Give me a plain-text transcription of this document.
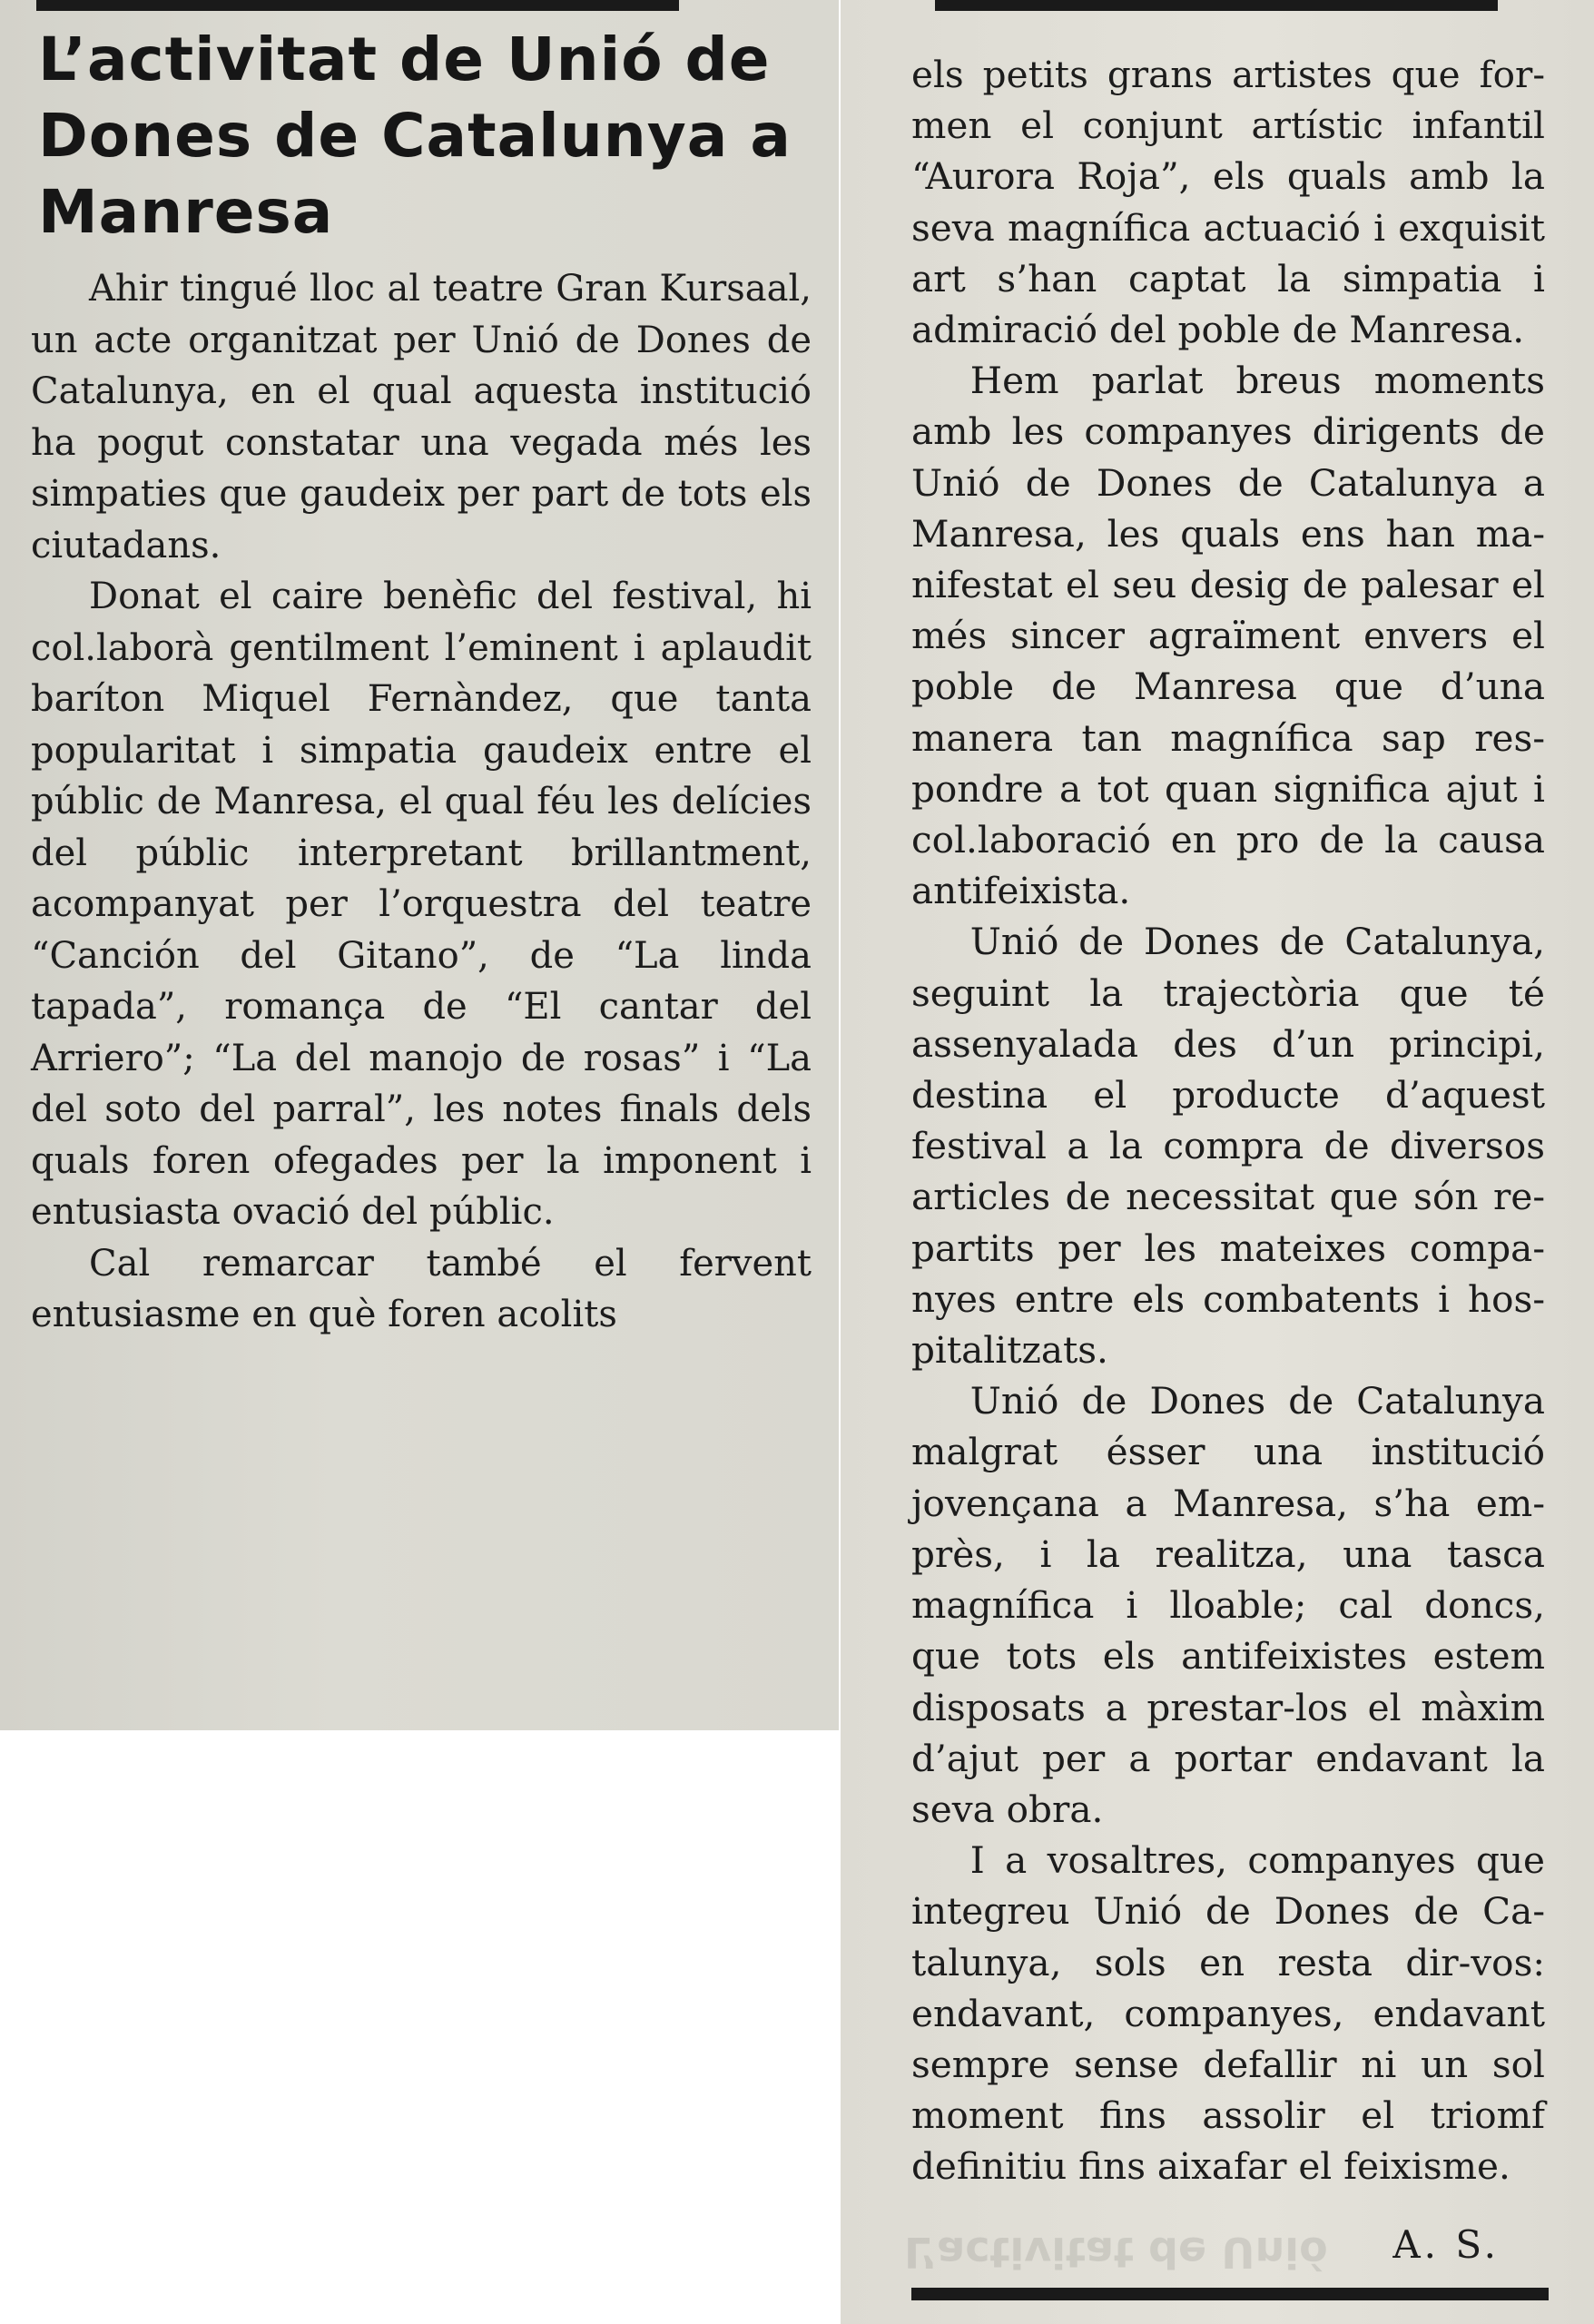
L’activitat de Unió de Dones de Catalunya a Manresa

Ahir tingué lloc al teatre Gran Kursaal, un acte organitzat per Unió de Dones de Catalunya, en el qual aquesta institució ha pogut constatar una vegada més les simpaties que gaudeix per part de tots els ciutadans.

Donat el caire benèfic del festival, hi col.laborà gentilment l’eminent i aplaudit baríton Miquel Fernàndez, que tanta popularitat i simpatia gaudeix entre el públic de Manresa, el qual féu les delícies del públic interpretant brillantment, acompanyat per l’orquestra del teatre “Canción del Gitano”, de “La linda tapada”, romança de “El cantar del Arriero”; “La del manojo de rosas” i “La del soto del parral”, les notes finals dels quals foren ofegades per la imponent i entusiasta ovació del públic.

Cal remarcar també el fervent entusiasme en què foren acolits

els petits grans artistes que formen el conjunt artístic infantil “Aurora Roja”, els quals amb la seva magnífica actuació i exquisit art s’han captat la simpatia i admiració del poble de Manresa.

Hem parlat breus moments amb les companyes dirigents de Unió de Dones de Catalunya a Manresa, les quals ens han manifestat el seu desig de palesar el més sincer agraïment envers el poble de Manresa que d’una manera tan magnífica sap respondre a tot quan significa ajut i col.laboració en pro de la causa antifeixista.

Unió de Dones de Catalunya, seguint la trajectòria que té assenyalada des d’un principi, destina el producte d’aquest festival a la compra de diversos articles de necessitat que són repartits per les mateixes companyes entre els combatents i hospitalitzats.

Unió de Dones de Catalunya malgrat ésser una institució jovençana a Manresa, s’ha emprès, i la realitza, una tasca magnífica i lloable; cal doncs, que tots els antifeixistes estem disposats a prestar-los el màxim d’ajut per a portar endavant la seva obra.

I a vosaltres, companyes que integreu Unió de Dones de Catalunya, sols en resta dir-vos: endavant, companyes, endavant sempre sense defallir ni un sol moment fins assolir el triomf definitiu fins aixafar el feixisme.

L’activitat de Unió	A. S.
